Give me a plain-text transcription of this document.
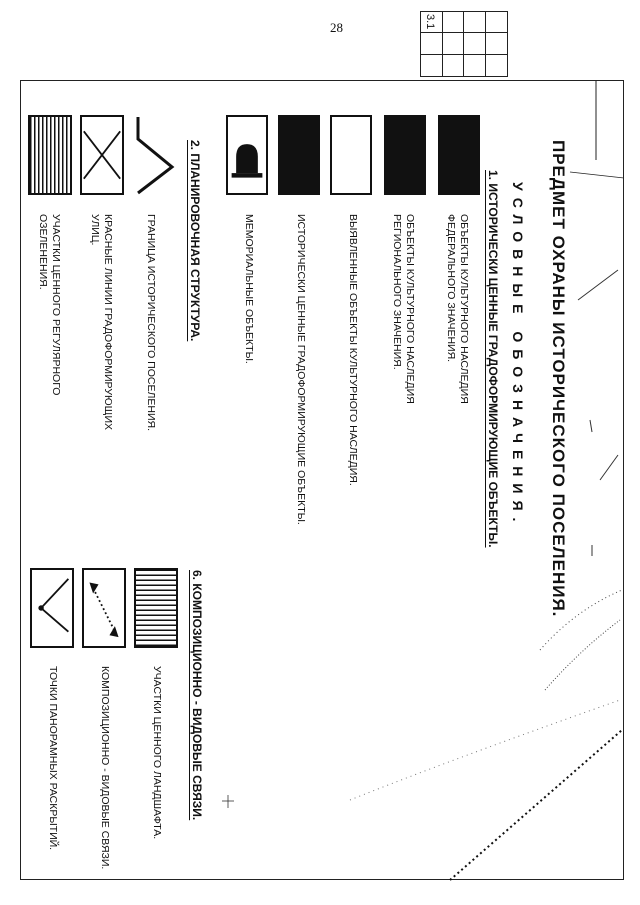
28	3.1
ПРЕДМЕТ ОХРАНЫ ИСТОРИЧЕСКОГО ПОСЕЛЕНИЯ.
УСЛОВНЫЕ ОБОЗНАЧЕНИЯ.
1. ИСТОРИЧЕСКИ ЦЕННЫЕ ГРАДОФОРМИРУЮЩИЕ ОБЪЕКТЫ.
ОБЪЕКТЫ КУЛЬТУРНОГО НАСЛЕДИЯ
ФЕДЕРАЛЬНОГО ЗНАЧЕНИЯ.
ОБЪЕКТЫ КУЛЬТУРНОГО НАСЛЕДИЯ
РЕГИОНАЛЬНОГО ЗНАЧЕНИЯ.
ВЫЯВЛЕННЫЕ ОБЪЕКТЫ КУЛЬТУРНОГО НАСЛЕДИЯ.
ИСТОРИЧЕСКИ ЦЕННЫЕ ГРАДОФОРМИРУЮЩИЕ ОБЪЕКТЫ.
МЕМОРИАЛЬНЫЕ ОБЪЕКТЫ.
2. ПЛАНИРОВОЧНАЯ СТРУКТУРА.
ГРАНИЦА ИСТОРИЧЕСКОГО ПОСЕЛЕНИЯ.
КРАСНЫЕ ЛИНИИ ГРАДОФОРМИРУЮЩИХ
УЛИЦ.
УЧАСТКИ ЦЕННОГО РЕГУЛЯРНОГО
ОЗЕЛЕНЕНИЯ.
6. КОМПОЗИЦИОННО - ВИДОВЫЕ СВЯЗИ.
УЧАСТКИ ЦЕННОГО ЛАНДШАФТА.
КОМПОЗИЦИОННО - ВИДОВЫЕ СВЯЗИ.
ТОЧКИ ПАНОРАМНЫХ РАСКРЫТИЙ.
